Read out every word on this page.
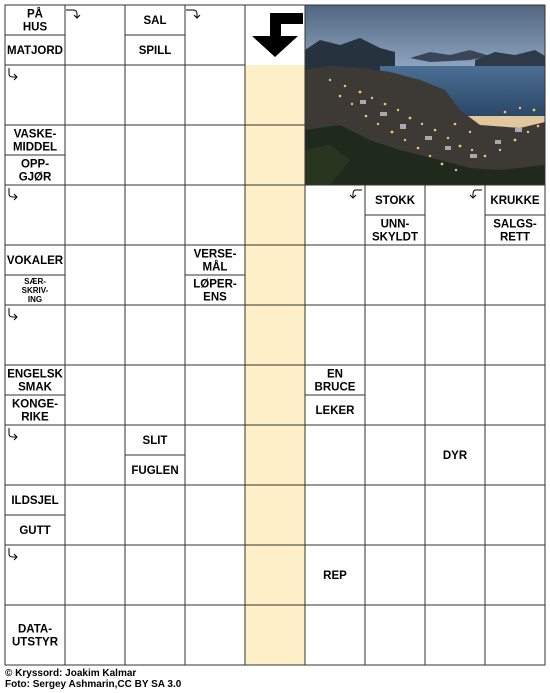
PÅ HUS
MATJORD
SAL
SPILL
VASKE-MIDDEL
OPP-GJØR
STOKK
UNN-SKYLDT
KRUKKE
SALGS-RETT
VOKALER
SÆR-SKRIV-ING
VERSE-MÅL
LØPER-ENS
ENGELSK SMAK
KONGE-RIKE
EN BRUCE
LEKER
SLIT
FUGLEN
DYR
ILDSJEL
GUTT
REP
DATA-UTSTYR
© Kryssord: Joakim Kalmar
Foto: Sergey Ashmarin,CC BY SA 3.0
